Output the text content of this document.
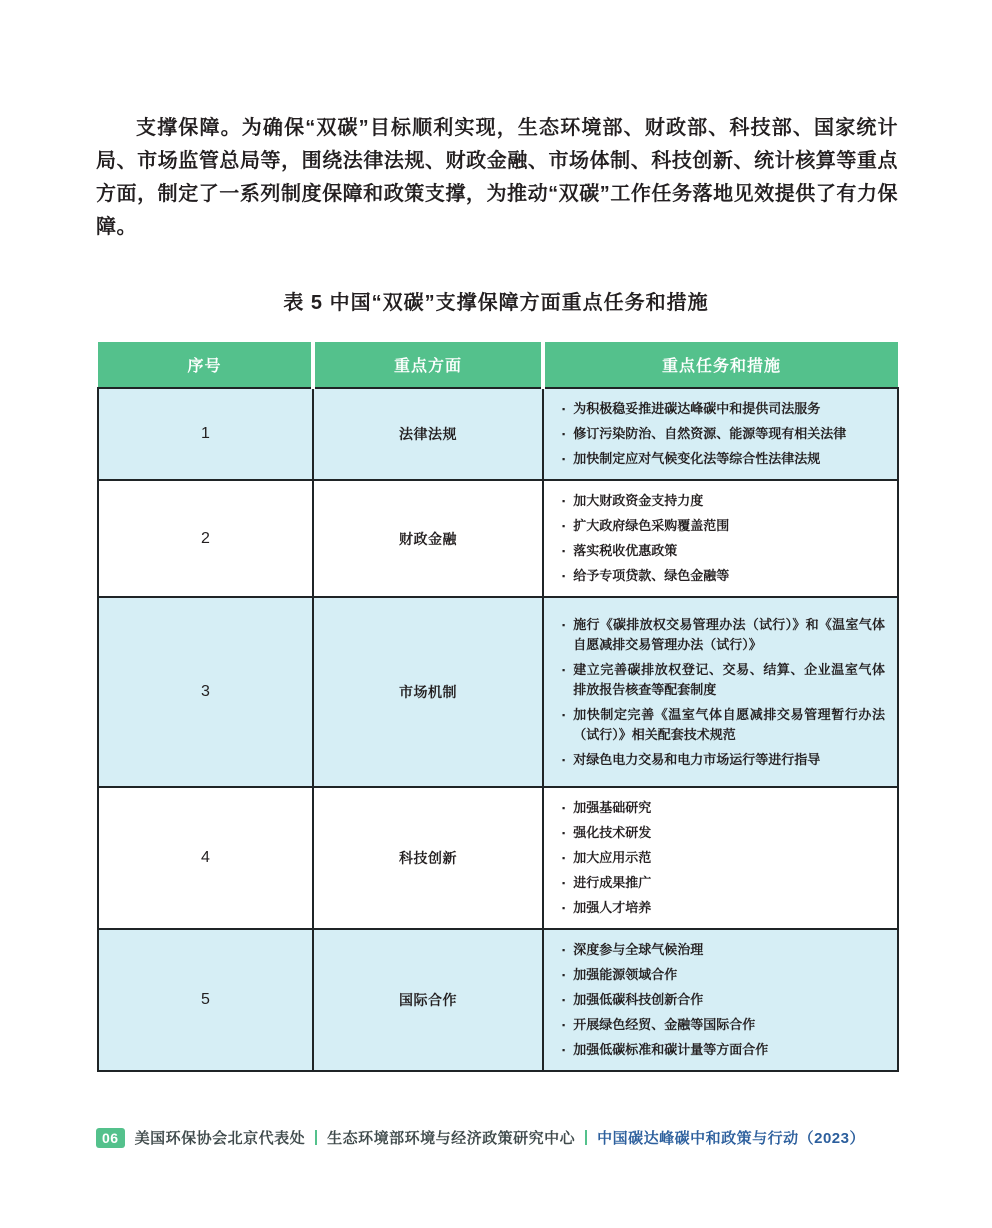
支撑保障。为确保“双碳”目标顺利实现，生态环境部、财政部、科技部、国家统计局、市场监管总局等，围绕法律法规、财政金融、市场体制、科技创新、统计核算等重点方面，制定了一系列制度保障和政策支撑，为推动“双碳”工作任务落地见效提供了有力保障。

表 5 中国“双碳”支撑保障方面重点任务和措施
序号	重点方面	重点任务和措施
1	法律法规	
▪ 为积极稳妥推进碳达峰碳中和提供司法服务
▪ 修订污染防治、自然资源、能源等现有相关法律
▪ 加快制定应对气候变化法等综合性法律法规

2	财政金融	
▪ 加大财政资金支持力度
▪ 扩大政府绿色采购覆盖范围
▪ 落实税收优惠政策
▪ 给予专项贷款、绿色金融等

3	市场机制	
▪ 施行《碳排放权交易管理办法（试行）》和《温室气体自愿减排交易管理办法（试行）》
▪ 建立完善碳排放权登记、交易、结算、企业温室气体排放报告核查等配套制度
▪ 加快制定完善《温室气体自愿减排交易管理暂行办法（试行）》相关配套技术规范
▪ 对绿色电力交易和电力市场运行等进行指导

4	科技创新	
▪ 加强基础研究
▪ 强化技术研发
▪ 加大应用示范
▪ 进行成果推广
▪ 加强人才培养

5	国际合作	
▪ 深度参与全球气候治理
▪ 加强能源领域合作
▪ 加强低碳科技创新合作
▪ 开展绿色经贸、金融等国际合作
▪ 加强低碳标准和碳计量等方面合作
06	美国环保协会北京代表处 生态环境部环境与经济政策研究中心 中国碳达峰碳中和政策与行动（2023）
